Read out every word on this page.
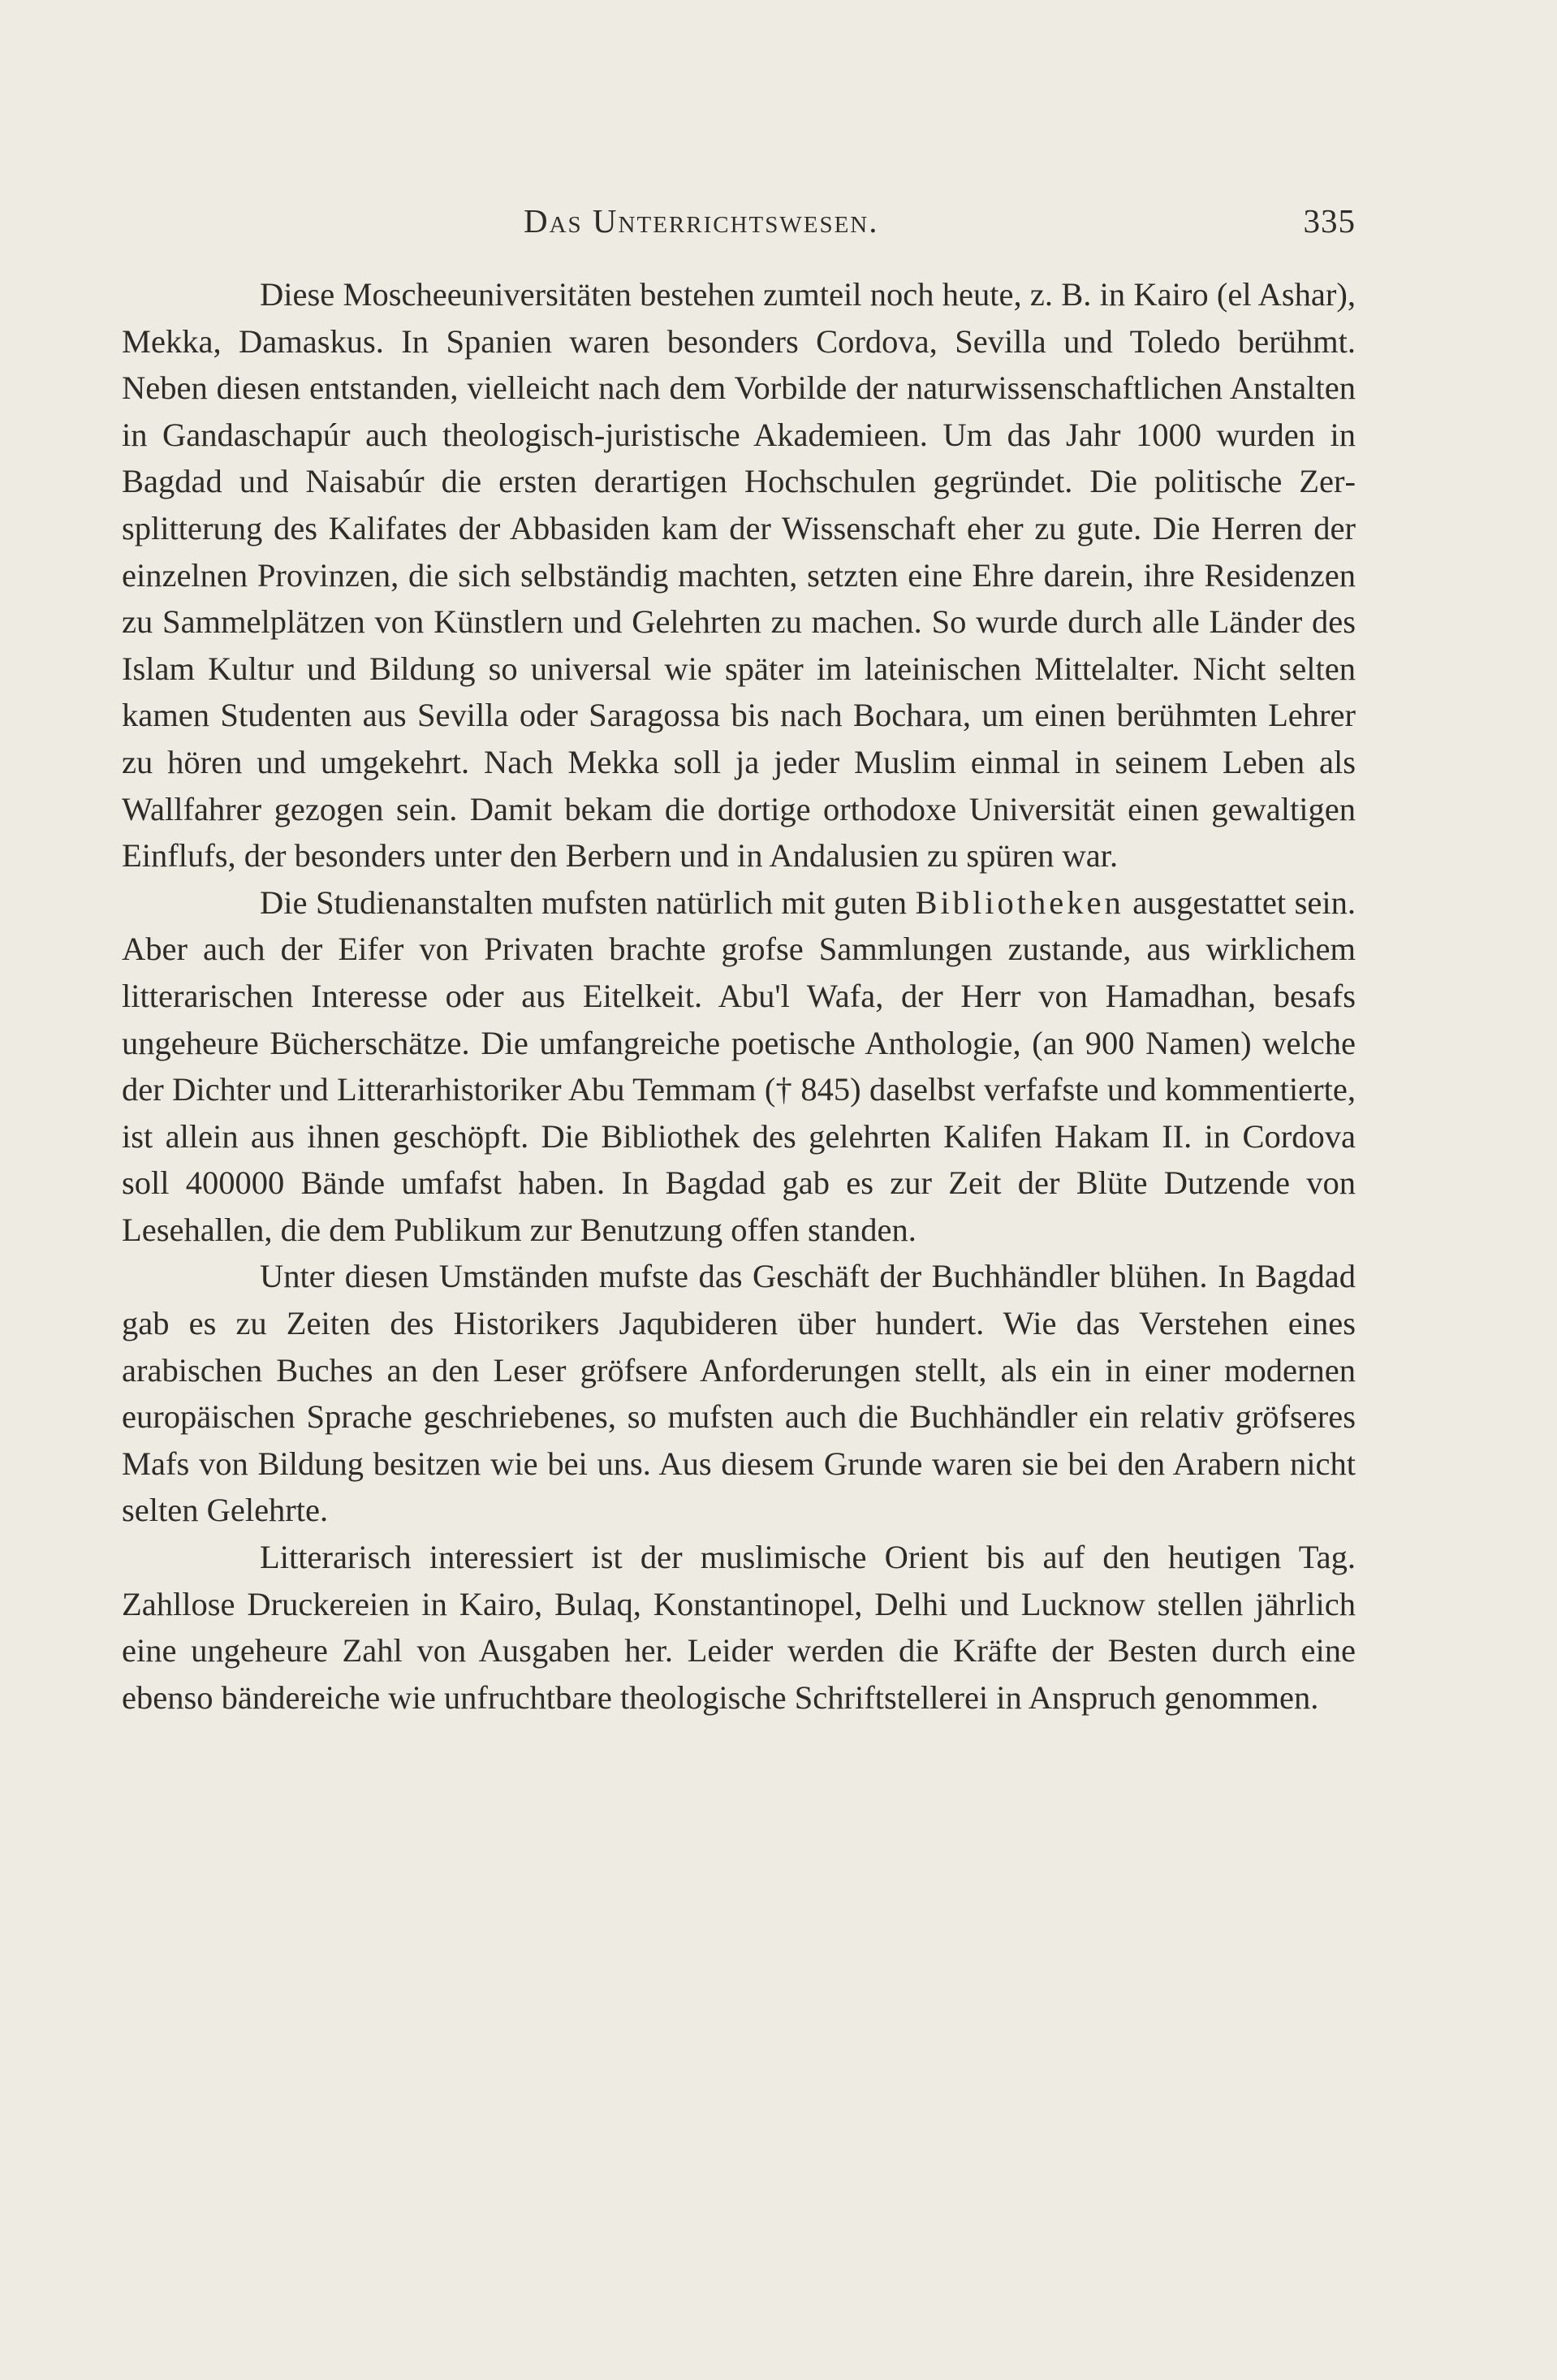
Das Unterrichtswesen.	335

Diese Moscheeuniversitäten bestehen zumteil noch heute, z. B. in Kairo (el Ashar), Mekka, Damaskus. In Spanien waren besonders Cordova, Sevilla und Toledo berühmt. Neben diesen entstanden, vielleicht nach dem Vorbilde der naturwissenschaftlichen Anstalten in Gandaschapúr auch theologisch-juristische Akademieen. Um das Jahr 1000 wurden in Bagdad und Naisabúr die ersten derartigen Hochschulen gegründet. Die politische Zersplitterung des Kalifates der Abbasiden kam der Wissenschaft eher zu gute. Die Herren der einzelnen Provinzen, die sich selbständig machten, setzten eine Ehre darein, ihre Residenzen zu Sammelplätzen von Künstlern und Gelehrten zu machen. So wurde durch alle Länder des Islam Kultur und Bildung so universal wie später im lateinischen Mittelalter. Nicht selten kamen Studenten aus Sevilla oder Saragossa bis nach Bochara, um einen berühmten Lehrer zu hören und umgekehrt. Nach Mekka soll ja jeder Muslim einmal in seinem Leben als Wallfahrer gezogen sein. Damit bekam die dortige orthodoxe Universität einen gewaltigen Einflufs, der besonders unter den Berbern und in Andalusien zu spüren war.

Die Studienanstalten mufsten natürlich mit guten Bibliotheken ausgestattet sein. Aber auch der Eifer von Privaten brachte grofse Sammlungen zustande, aus wirklichem litterarischen Interesse oder aus Eitelkeit. Abu'l Wafa, der Herr von Hamadhan, besafs ungeheure Bücherschätze. Die umfangreiche poetische Anthologie, (an 900 Namen) welche der Dichter und Litterarhistoriker Abu Temmam († 845) daselbst verfafste und kommentierte, ist allein aus ihnen geschöpft. Die Bibliothek des gelehrten Kalifen Hakam II. in Cordova soll 400000 Bände umfafst haben. In Bagdad gab es zur Zeit der Blüte Dutzende von Lesehallen, die dem Publikum zur Benutzung offen standen.

Unter diesen Umständen mufste das Geschäft der Buchhändler blühen. In Bagdad gab es zu Zeiten des Historikers Jaqubideren über hundert. Wie das Verstehen eines arabischen Buches an den Leser gröfsere Anforderungen stellt, als ein in einer modernen europäischen Sprache geschriebenes, so mufsten auch die Buchhändler ein relativ gröfseres Mafs von Bildung besitzen wie bei uns. Aus diesem Grunde waren sie bei den Arabern nicht selten Gelehrte.

Litterarisch interessiert ist der muslimische Orient bis auf den heutigen Tag. Zahllose Druckereien in Kairo, Bulaq, Konstantinopel, Delhi und Lucknow stellen jährlich eine ungeheure Zahl von Ausgaben her. Leider werden die Kräfte der Besten durch eine ebenso bändereiche wie unfruchtbare theologische Schriftstellerei in Anspruch genommen.
